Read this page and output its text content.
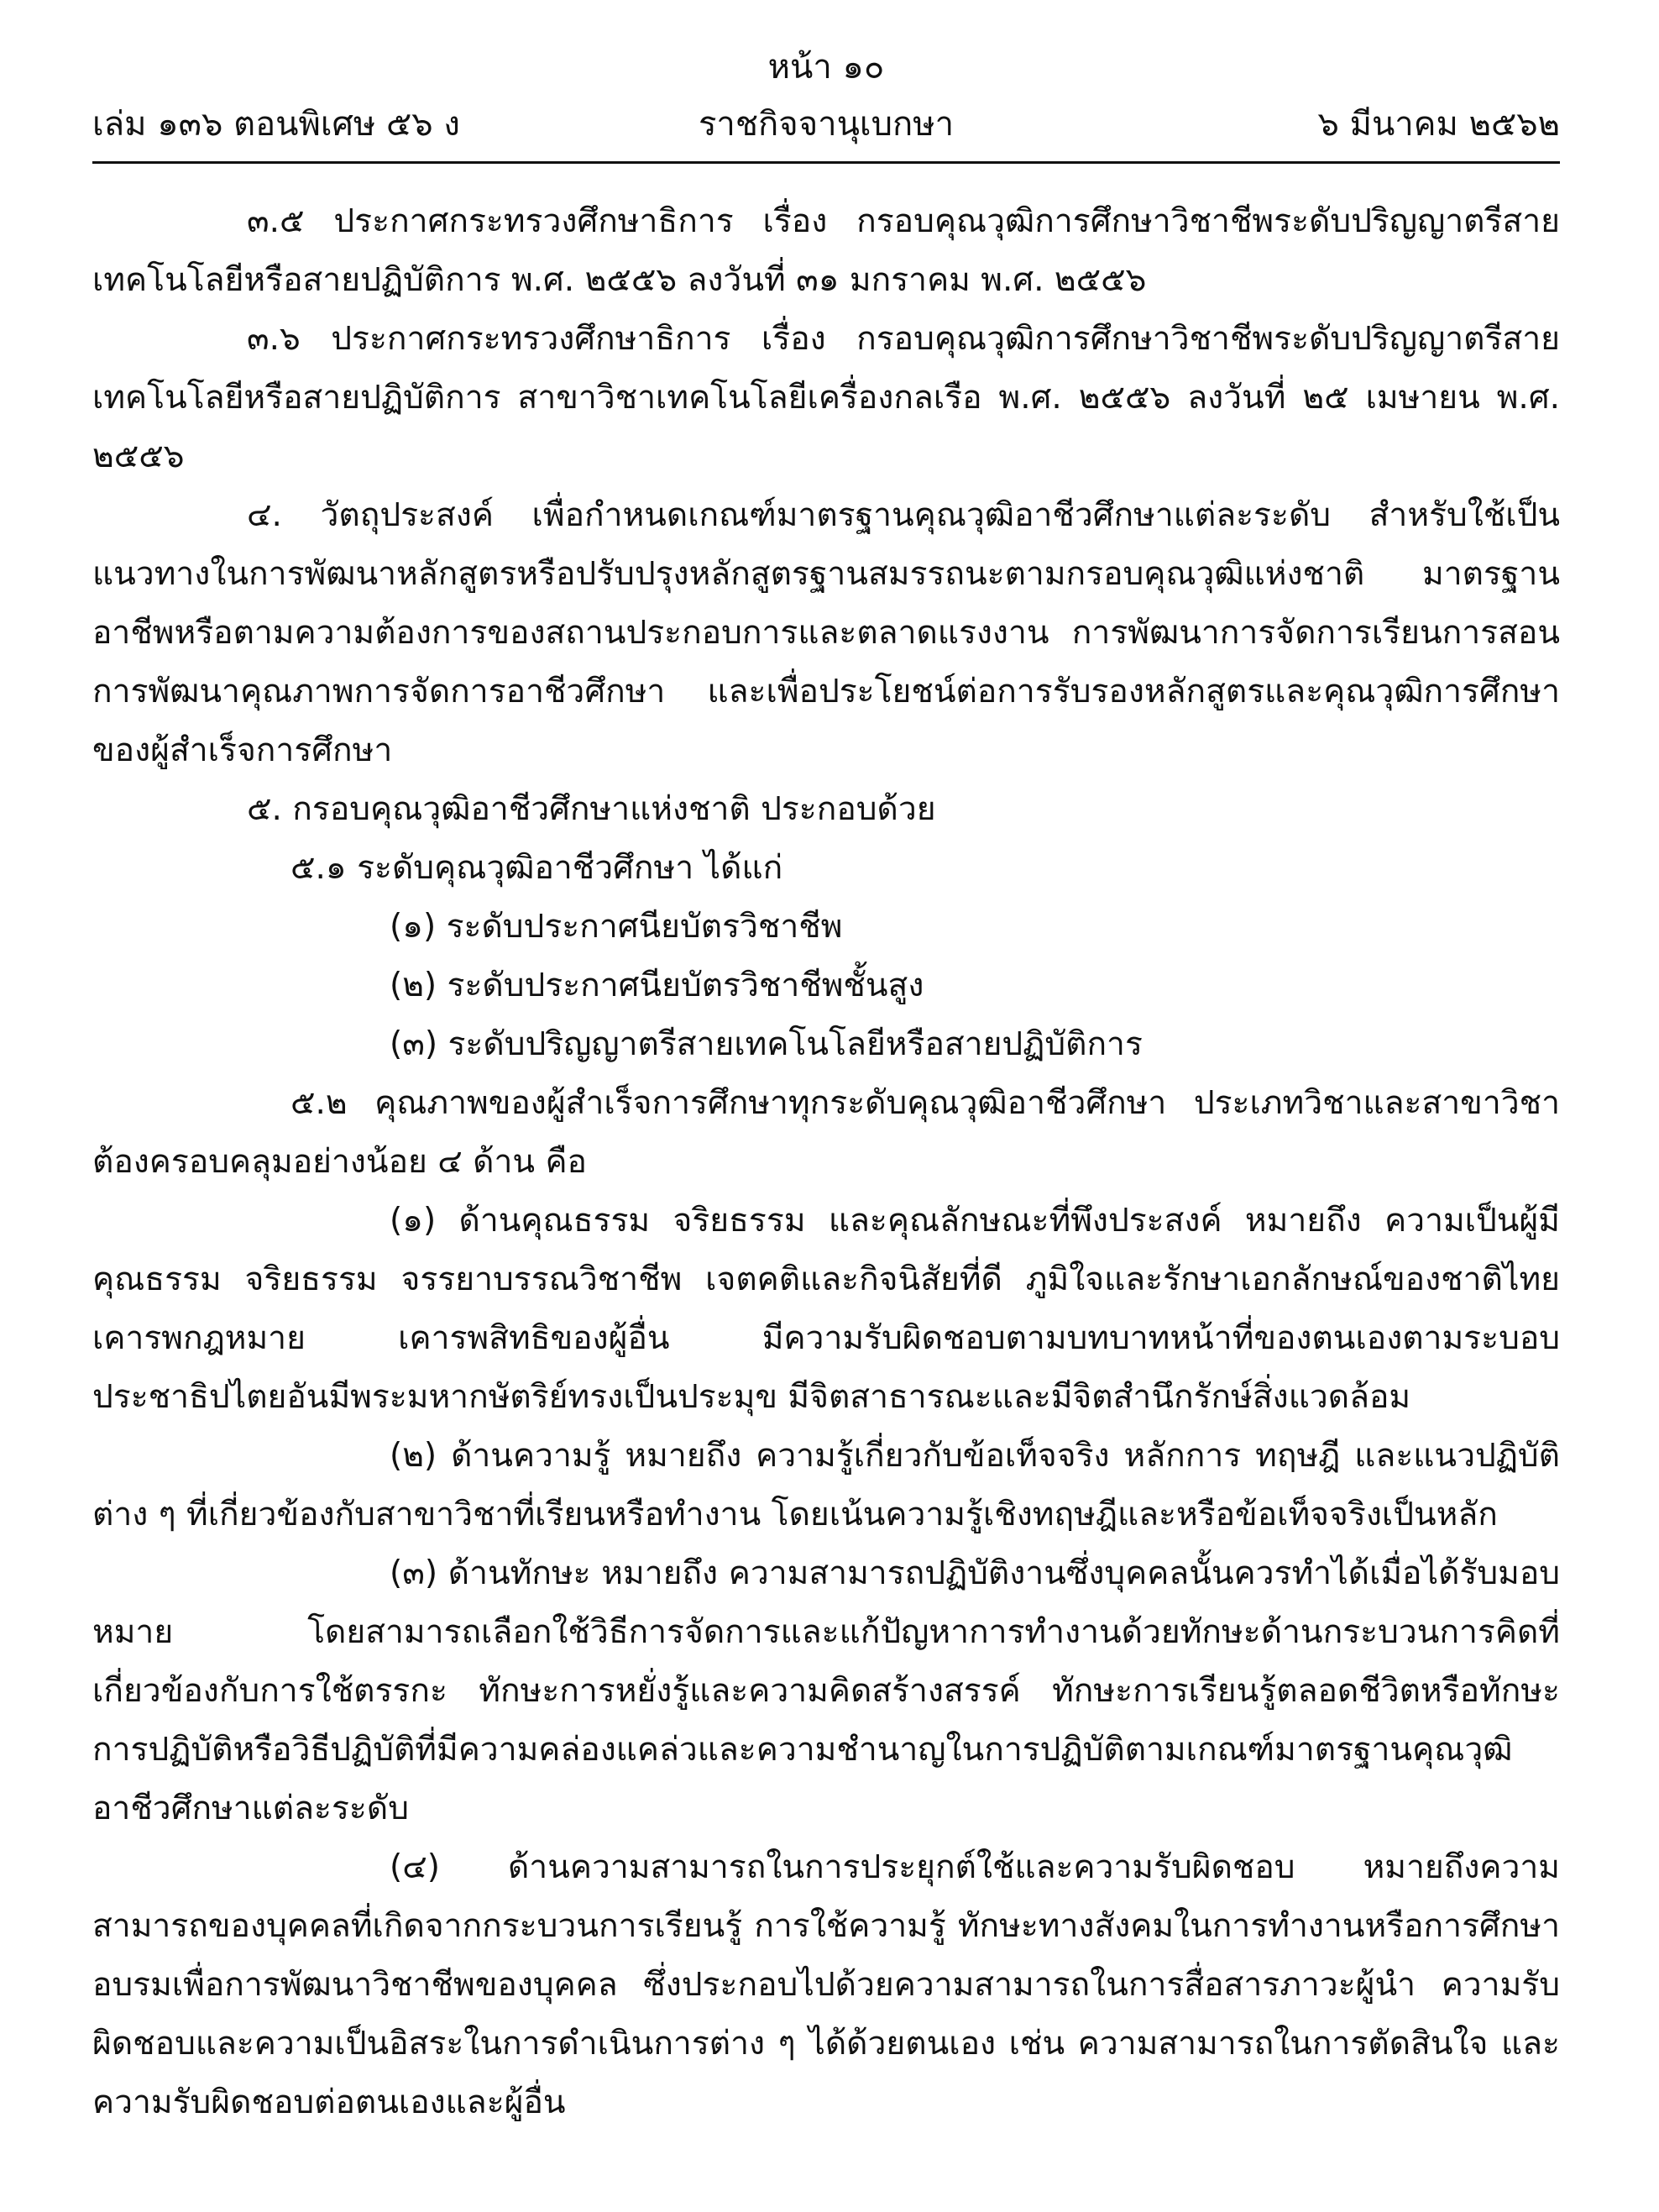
หน้า ๑๐
เล่ม ๑๓๖ ตอนพิเศษ ๕๖ ง	ราชกิจจานุเบกษา	๖ มีนาคม ๒๕๖๒

๓.๕ ประกาศกระทรวงศึกษาธิการ เรื่อง กรอบคุณวุฒิการศึกษาวิชาชีพระดับปริญญาตรีสายเทคโนโลยีหรือสายปฏิบัติการ พ.ศ. ๒๕๕๖ ลงวันที่ ๓๑ มกราคม พ.ศ. ๒๕๕๖

๓.๖ ประกาศกระทรวงศึกษาธิการ เรื่อง กรอบคุณวุฒิการศึกษาวิชาชีพระดับปริญญาตรีสายเทคโนโลยีหรือสายปฏิบัติการ สาขาวิชาเทคโนโลยีเครื่องกลเรือ พ.ศ. ๒๕๕๖ ลงวันที่ ๒๕ เมษายน พ.ศ. ๒๕๕๖

๔. วัตถุประสงค์ เพื่อกำหนดเกณฑ์มาตรฐานคุณวุฒิอาชีวศึกษาแต่ละระดับ สำหรับใช้เป็นแนวทางในการพัฒนาหลักสูตรหรือปรับปรุงหลักสูตรฐานสมรรถนะตามกรอบคุณวุฒิแห่งชาติ มาตรฐานอาชีพหรือตามความต้องการของสถานประกอบการและตลาดแรงงาน การพัฒนาการจัดการเรียนการสอนการพัฒนาคุณภาพการจัดการอาชีวศึกษา และเพื่อประโยชน์ต่อการรับรองหลักสูตรและคุณวุฒิการศึกษาของผู้สำเร็จการศึกษา

๕. กรอบคุณวุฒิอาชีวศึกษาแห่งชาติ ประกอบด้วย

๕.๑ ระดับคุณวุฒิอาชีวศึกษา ได้แก่

(๑) ระดับประกาศนียบัตรวิชาชีพ

(๒) ระดับประกาศนียบัตรวิชาชีพชั้นสูง

(๓) ระดับปริญญาตรีสายเทคโนโลยีหรือสายปฏิบัติการ

๕.๒ คุณภาพของผู้สำเร็จการศึกษาทุกระดับคุณวุฒิอาชีวศึกษา ประเภทวิชาและสาขาวิชาต้องครอบคลุมอย่างน้อย ๔ ด้าน คือ

(๑) ด้านคุณธรรม จริยธรรม และคุณลักษณะที่พึงประสงค์ หมายถึง ความเป็นผู้มีคุณธรรม จริยธรรม จรรยาบรรณวิชาชีพ เจตคติและกิจนิสัยที่ดี ภูมิใจและรักษาเอกลักษณ์ของชาติไทย เคารพกฎหมาย เคารพสิทธิของผู้อื่น มีความรับผิดชอบตามบทบาทหน้าที่ของตนเองตามระบอบประชาธิปไตยอันมีพระมหากษัตริย์ทรงเป็นประมุข มีจิตสาธารณะและมีจิตสำนึกรักษ์สิ่งแวดล้อม

(๒) ด้านความรู้ หมายถึง ความรู้เกี่ยวกับข้อเท็จจริง หลักการ ทฤษฎี และแนวปฏิบัติต่าง ๆ ที่เกี่ยวข้องกับสาขาวิชาที่เรียนหรือทำงาน โดยเน้นความรู้เชิงทฤษฎีและหรือข้อเท็จจริงเป็นหลัก

(๓) ด้านทักษะ หมายถึง ความสามารถปฏิบัติงานซึ่งบุคคลนั้นควรทำได้เมื่อได้รับมอบหมาย โดยสามารถเลือกใช้วิธีการจัดการและแก้ปัญหาการทำงานด้วยทักษะด้านกระบวนการคิดที่เกี่ยวข้องกับการใช้ตรรกะ ทักษะการหยั่งรู้และความคิดสร้างสรรค์ ทักษะการเรียนรู้ตลอดชีวิตหรือทักษะการปฏิบัติหรือวิธีปฏิบัติที่มีความคล่องแคล่วและความชำนาญในการปฏิบัติตามเกณฑ์มาตรฐานคุณวุฒิอาชีวศึกษาแต่ละระดับ

(๔) ด้านความสามารถในการประยุกต์ใช้และความรับผิดชอบ หมายถึงความสามารถของบุคคลที่เกิดจากกระบวนการเรียนรู้ การใช้ความรู้ ทักษะทางสังคมในการทำงานหรือการศึกษาอบรมเพื่อการพัฒนาวิชาชีพของบุคคล ซึ่งประกอบไปด้วยความสามารถในการสื่อสารภาวะผู้นำ ความรับผิดชอบและความเป็นอิสระในการดำเนินการต่าง ๆ ได้ด้วยตนเอง เช่น ความสามารถในการตัดสินใจ และความรับผิดชอบต่อตนเองและผู้อื่น
